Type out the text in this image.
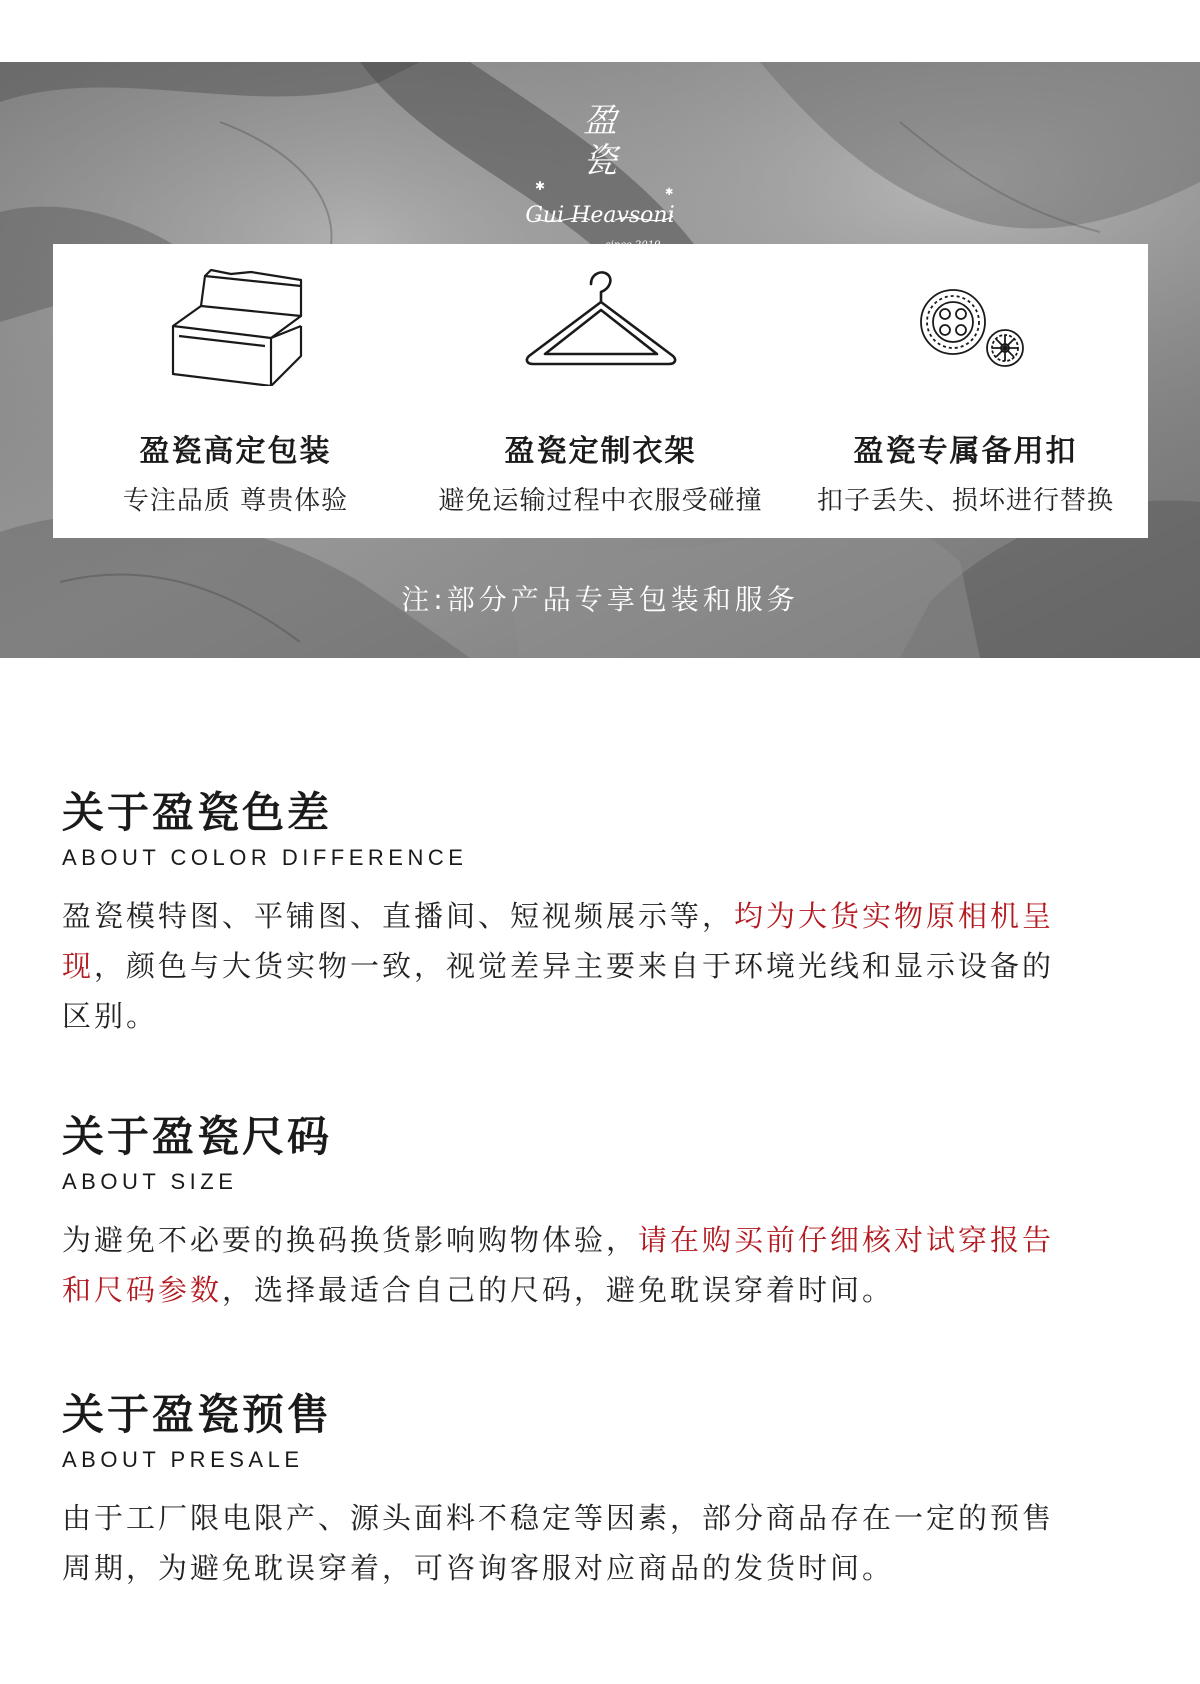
盈
瓷
✱	✱
Gui Heavsoni
盈瓷高定包装
专注品质 尊贵体验
盈瓷定制衣架
避免运输过程中衣服受碰撞
盈瓷专属备用扣
扣子丢失、损坏进行替换
注:部分产品专享包装和服务
关于盈瓷色差
ABOUT COLOR DIFFERENCE
盈瓷模特图、平铺图、直播间、短视频展示等，均为大货实物原相机呈现，颜色与大货实物一致，视觉差异主要来自于环境光线和显示设备的区别。
关于盈瓷尺码
ABOUT SIZE
为避免不必要的换码换货影响购物体验，请在购买前仔细核对试穿报告和尺码参数，选择最适合自己的尺码，避免耽误穿着时间。
关于盈瓷预售
ABOUT PRESALE
由于工厂限电限产、源头面料不稳定等因素，部分商品存在一定的预售周期，为避免耽误穿着，可咨询客服对应商品的发货时间。
